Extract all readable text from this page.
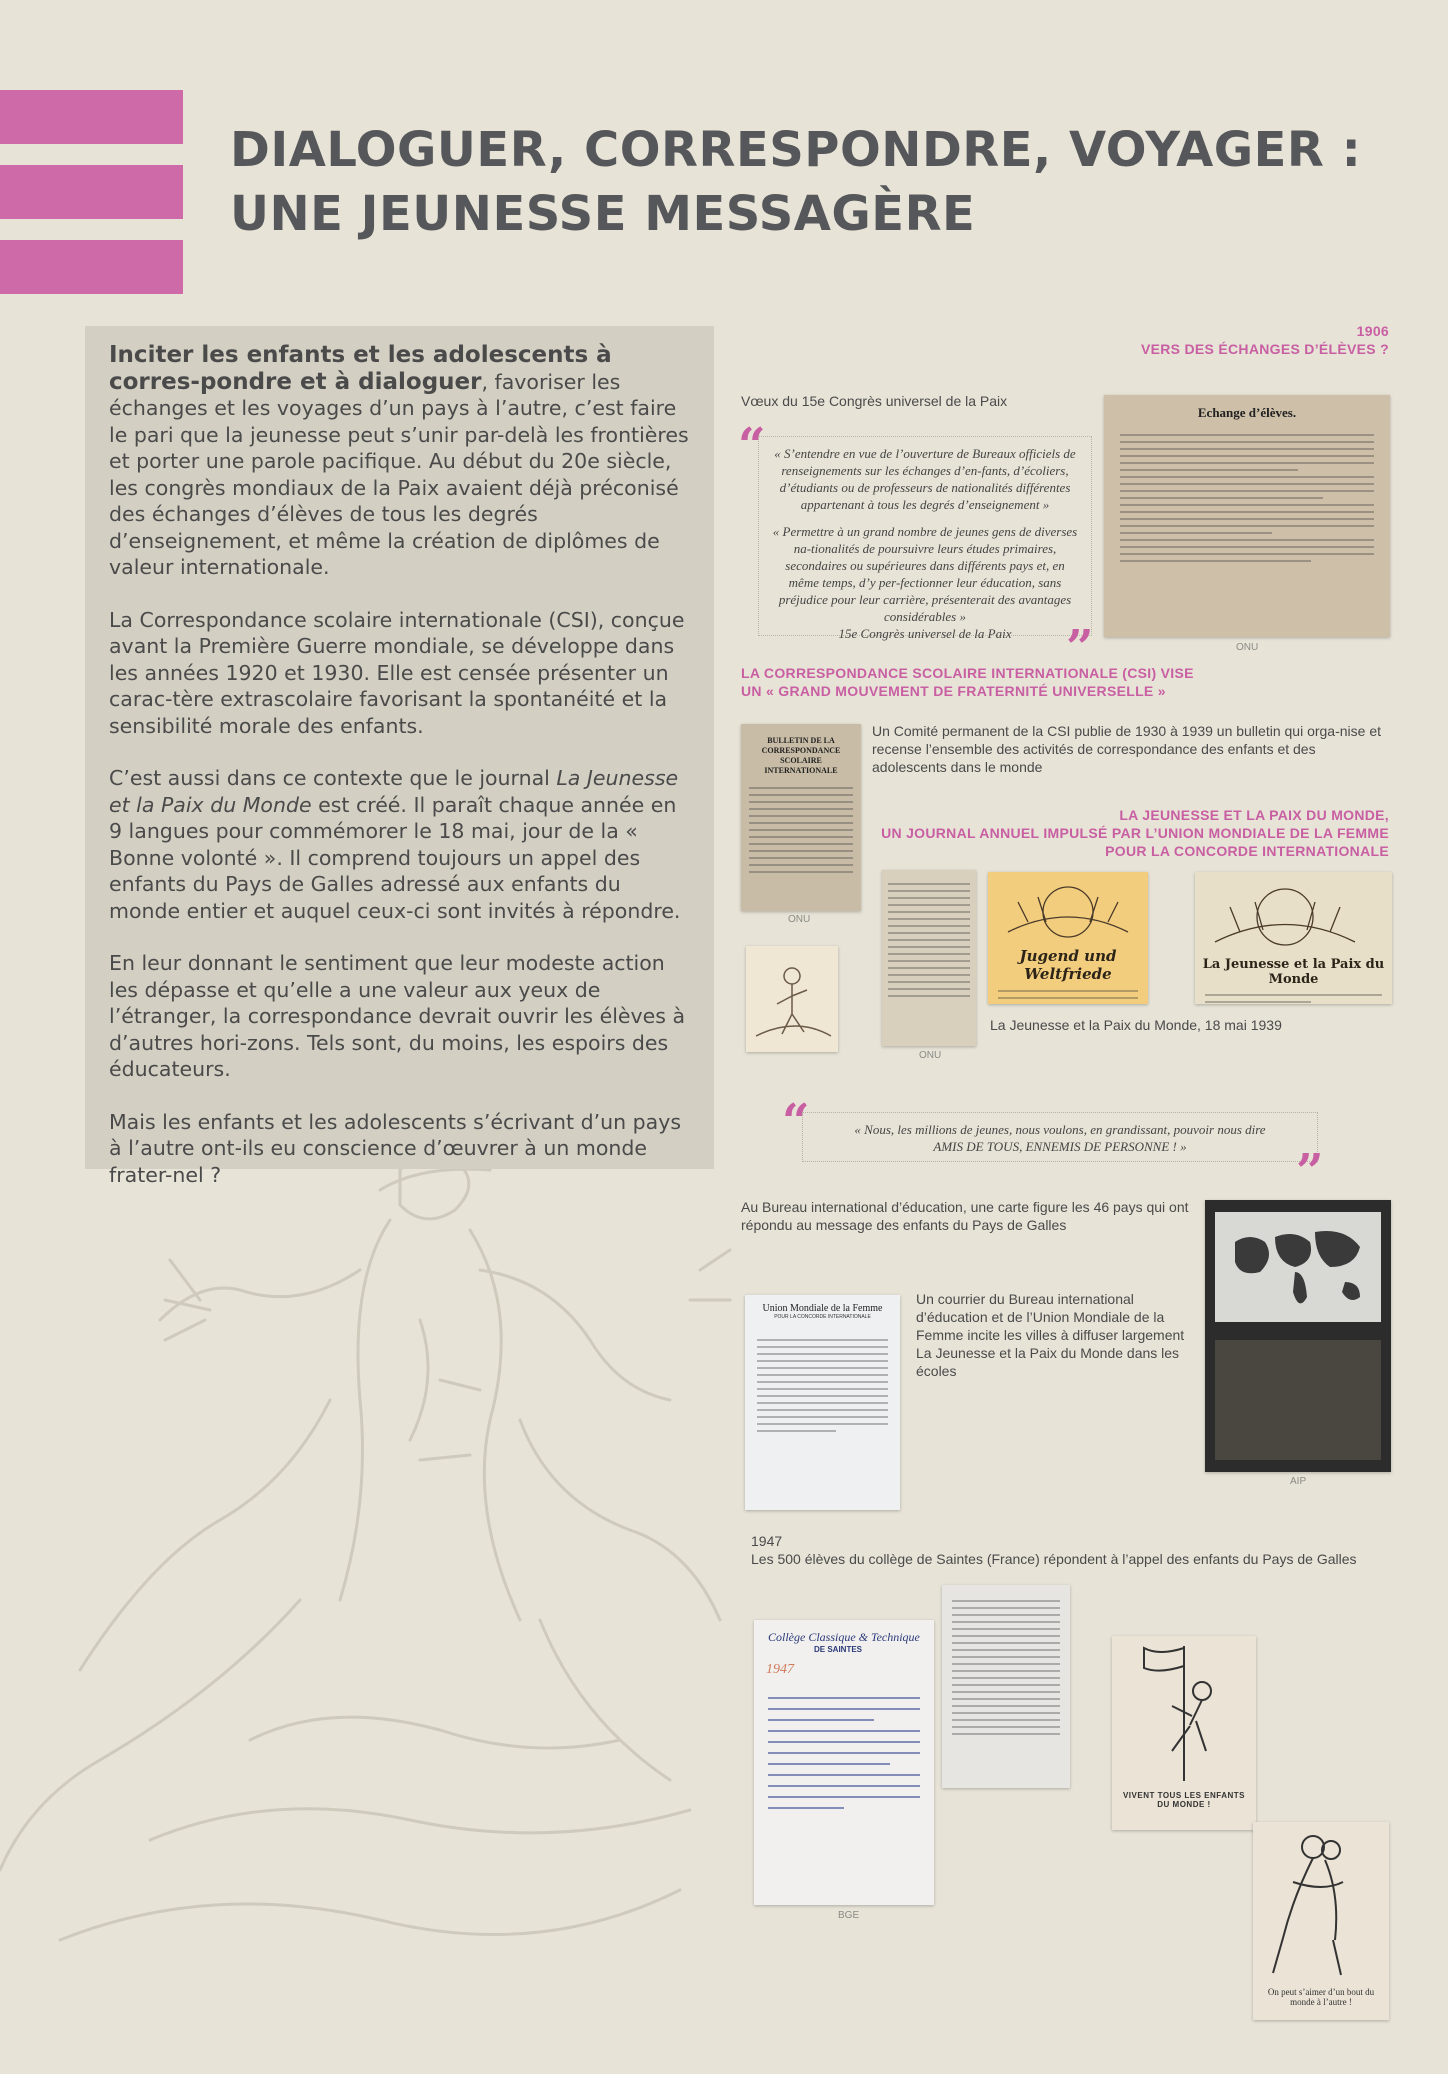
DIALOGUER, CORRESPONDRE, VOYAGER :
UNE JEUNESSE MESSAGÈRE

Inciter les enfants et les adolescents à corres-pondre et à dialoguer, favoriser les échanges et les voyages d’un pays à l’autre, c’est faire le pari que la jeunesse peut s’unir par-delà les frontières et porter une parole pacifique. Au début du 20e siècle, les congrès mondiaux de la Paix avaient déjà préconisé des échanges d’élèves de tous les degrés d’enseignement, et même la création de diplômes de valeur internationale.

La Correspondance scolaire internationale (CSI), conçue avant la Première Guerre mondiale, se développe dans les années 1920 et 1930. Elle est censée présenter un carac-tère extrascolaire favorisant la spontanéité et la sensibilité morale des enfants.

C’est aussi dans ce contexte que le journal La Jeunesse et la Paix du Monde est créé. Il paraît chaque année en 9 langues pour commémorer le 18 mai, jour de la « Bonne volonté ». Il comprend toujours un appel des enfants du Pays de Galles adressé aux enfants du monde entier et auquel ceux-ci sont invités à répondre.

En leur donnant le sentiment que leur modeste action les dépasse et qu’elle a une valeur aux yeux de l’étranger, la correspondance devrait ouvrir les élèves à d’autres hori-zons. Tels sont, du moins, les espoirs des éducateurs.

Mais les enfants et les adolescents s’écrivant d’un pays à l’autre ont-ils eu conscience d’œuvrer à un monde frater-nel ?

1906
VERS DES ÉCHANGES D’ÉLÈVES ?
Vœux du 15e Congrès universel de la Paix
“ « S’entendre en vue de l’ouverture de Bureaux officiels de renseignements sur les échanges d’en-fants, d’écoliers, d’étudiants ou de professeurs de nationalités différentes appartenant à tous les degrés d’enseignement »
« Permettre à un grand nombre de jeunes gens de diverses na-tionalités de poursuivre leurs études primaires, secondaires ou supérieures dans différents pays et, en même temps, d’y per-fectionner leur éducation, sans préjudice pour leur carrière, présenterait des avantages considérables »
15e Congrès universel de la Paix	”
Echange d’élèves.
ONU
LA CORRESPONDANCE SCOLAIRE INTERNATIONALE (CSI) VISE
UN « GRAND MOUVEMENT DE FRATERNITÉ UNIVERSELLE »
BULLETIN DE LA CORRESPONDANCE SCOLAIRE INTERNATIONALE
ONU
Un Comité permanent de la CSI publie de 1930 à 1939 un bulletin qui orga-nise et recense l’ensemble des activités de correspondance des enfants et des adolescents dans le monde
LA JEUNESSE ET LA PAIX DU MONDE,
UN JOURNAL ANNUEL IMPULSÉ PAR L’UNION MONDIALE DE LA FEMME
POUR LA CONCORDE INTERNATIONALE
ONU
Jugend und Weltfriede
La Jeunesse et la Paix du Monde
La Jeunesse et la Paix du Monde, 18 mai 1939
“	« Nous, les millions de jeunes, nous voulons, en grandissant, pouvoir nous dire
AMIS DE TOUS, ENNEMIS DE PERSONNE ! »	”
Au Bureau international d’éducation, une carte figure les 46 pays qui ont répondu au message des enfants du Pays de Galles
AIP
Union Mondiale de la Femme
POUR LA CONCORDE INTERNATIONALE
Un courrier du Bureau international d’éducation et de l’Union Mondiale de la Femme incite les villes à diffuser largement La Jeunesse et la Paix du Monde dans les écoles
1947
Les 500 élèves du collège de Saintes (France) répondent à l’appel des enfants du Pays de Galles
Collège Classique & Technique
DE SAINTES
1947
BGE
VIVENT TOUS LES ENFANTS DU MONDE !
On peut s’aimer d’un bout du monde à l’autre !
